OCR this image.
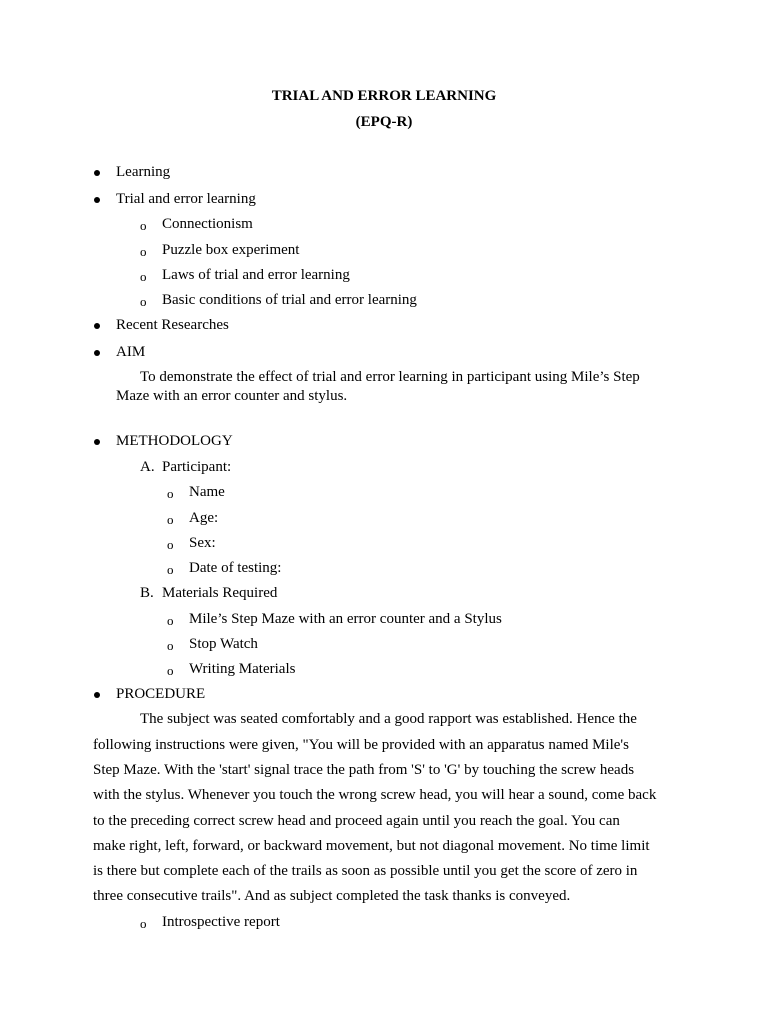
TRIAL AND ERROR LEARNING
(EPQ-R)
Learning
Trial and error learning
o Connectionism
o Puzzle box experiment
o Laws of trial and error learning
o Basic conditions of trial and error learning
Recent Researches
AIM
To demonstrate the effect of trial and error learning in participant using Mile’s Step
Maze with an error counter and stylus.
METHODOLOGY
A. Participant:
o Name
o Age:
o Sex:
o Date of testing:
B. Materials Required
o Mile’s Step Maze with an error counter and a Stylus
o Stop Watch
o Writing Materials
PROCEDURE
The subject was seated comfortably and a good rapport was established. Hence the
following instructions were given, "You will be provided with an apparatus named Mile's
Step Maze. With the 'start' signal trace the path from 'S' to 'G' by touching the screw heads
with the stylus. Whenever you touch the wrong screw head, you will hear a sound, come back
to the preceding correct screw head and proceed again until you reach the goal. You can
make right, left, forward, or backward movement, but not diagonal movement. No time limit
is there but complete each of the trails as soon as possible until you get the score of zero in
three consecutive trails". And as subject completed the task thanks is conveyed.
o Introspective report
